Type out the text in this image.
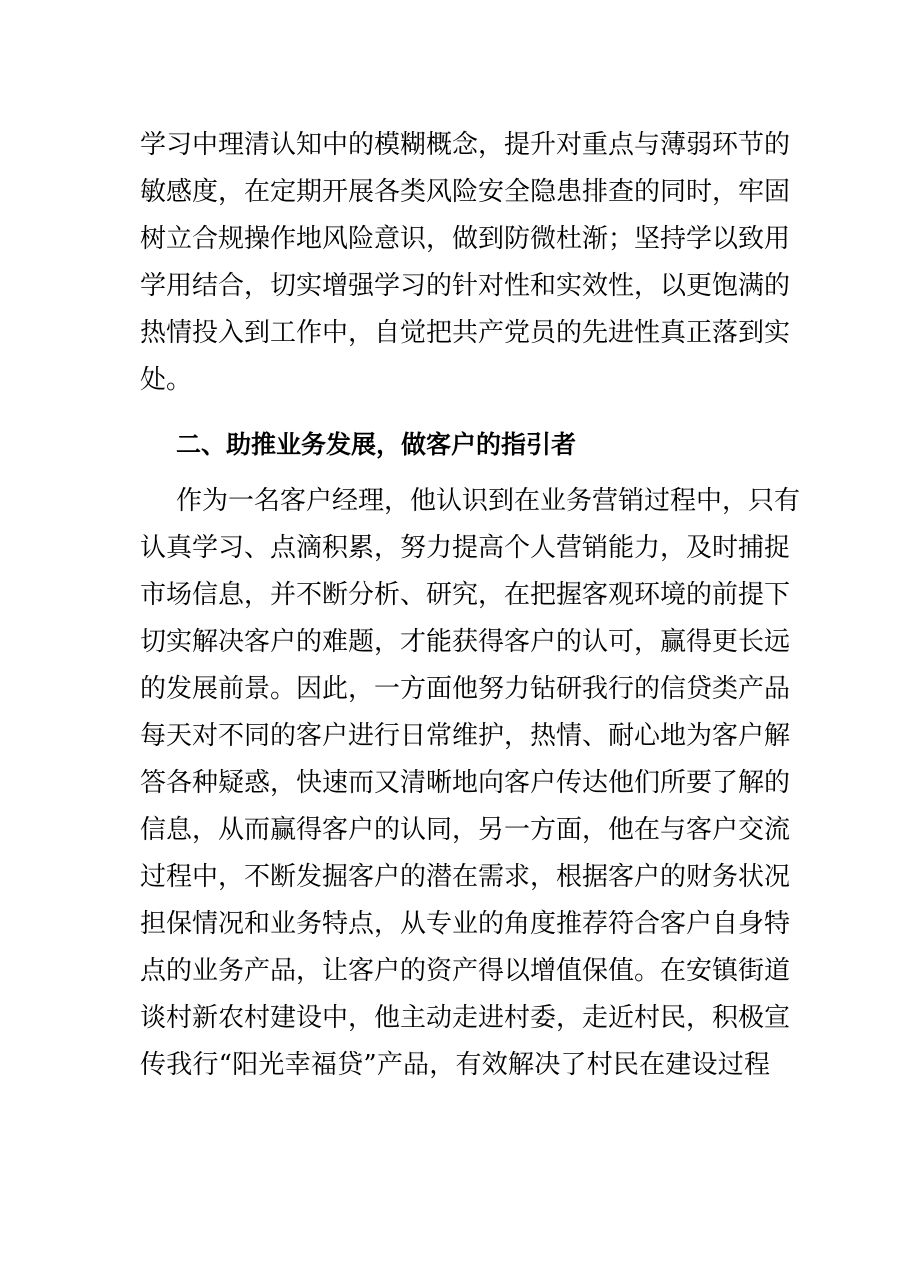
学习中理清认知中的模糊概念，提升对重点与薄弱环节的
敏感度，在定期开展各类风险安全隐患排查的同时，牢固
树立合规操作地风险意识，做到防微杜渐；坚持学以致用
学用结合，切实增强学习的针对性和实效性，以更饱满的
热情投入到工作中，自觉把共产党员的先进性真正落到实
处。
二、助推业务发展，做客户的指引者
作为一名客户经理，他认识到在业务营销过程中，只有
认真学习、点滴积累，努力提高个人营销能力，及时捕捉
市场信息，并不断分析、研究，在把握客观环境的前提下
切实解决客户的难题，才能获得客户的认可，赢得更长远
的发展前景。因此，一方面他努力钻研我行的信贷类产品
每天对不同的客户进行日常维护，热情、耐心地为客户解
答各种疑惑，快速而又清晰地向客户传达他们所要了解的
信息，从而赢得客户的认同，另一方面，他在与客户交流
过程中，不断发掘客户的潜在需求，根据客户的财务状况
担保情况和业务特点，从专业的角度推荐符合客户自身特
点的业务产品，让客户的资产得以增值保值。在安镇街道
谈村新农村建设中，他主动走进村委，走近村民，积极宣
传我行“阳光幸福贷”产品，有效解决了村民在建设过程
